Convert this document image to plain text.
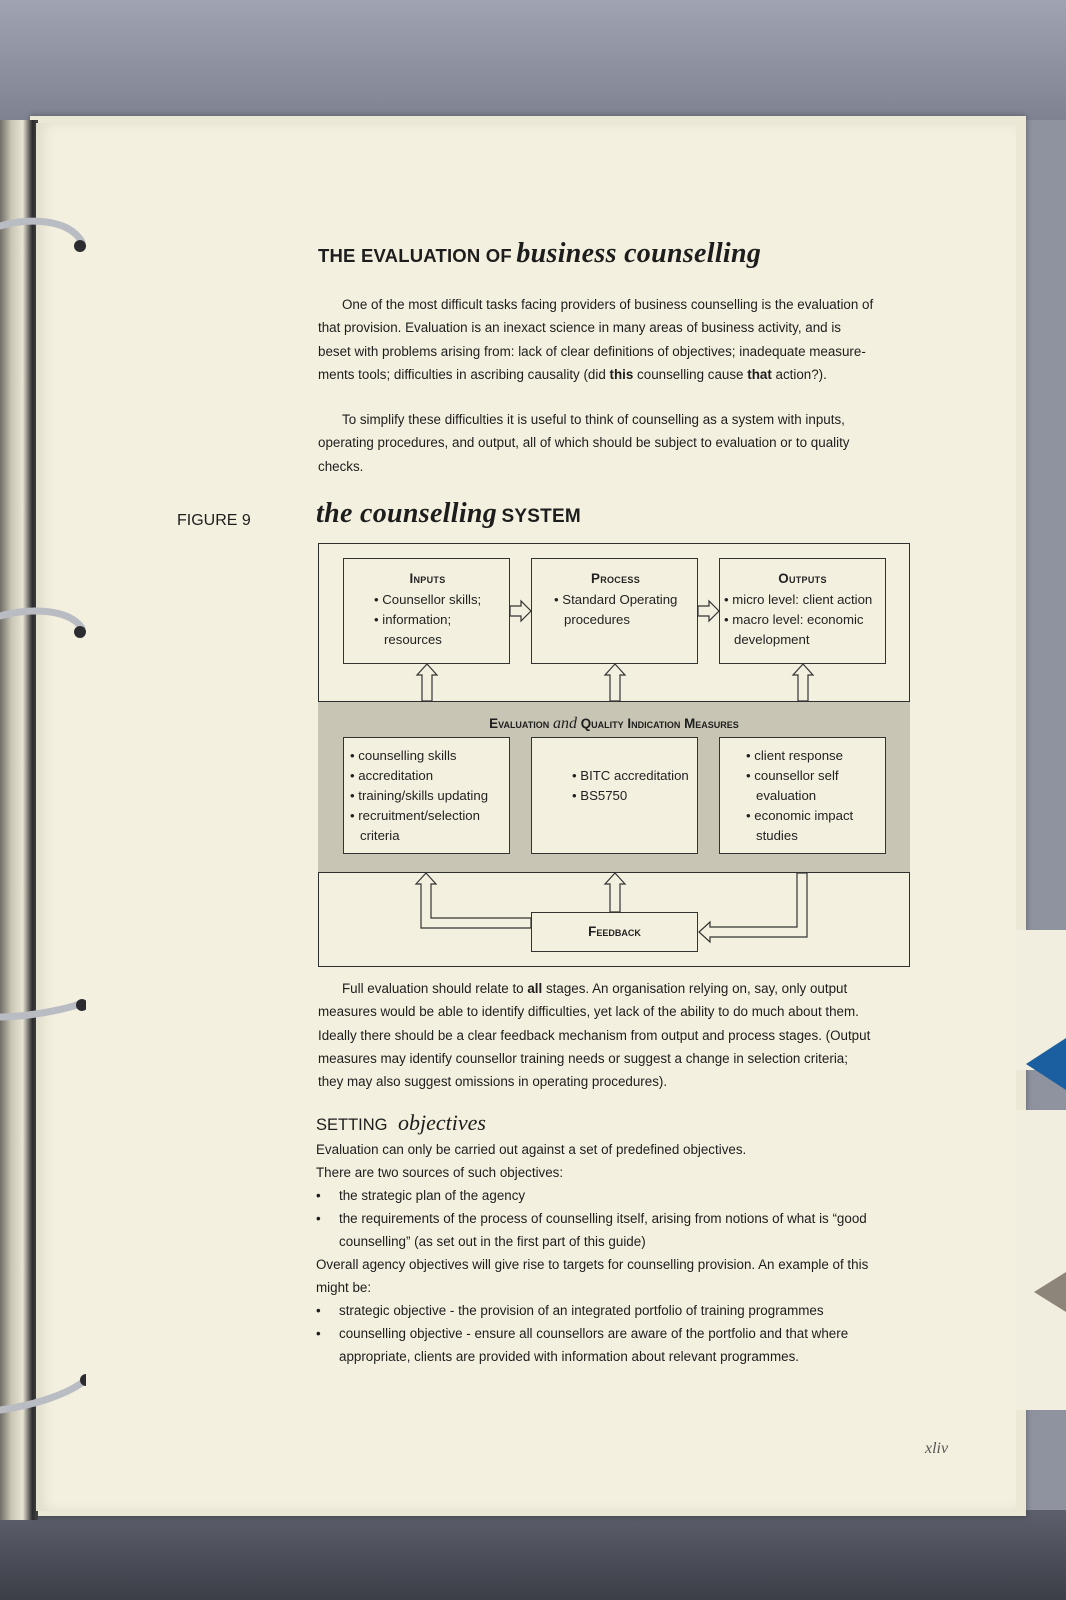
THE EVALUATION OF business counselling
One of the most difficult tasks facing providers of business counselling is the evaluation of
that provision. Evaluation is an inexact science in many areas of business activity, and is
beset with problems arising from: lack of clear definitions of objectives; inadequate measure-
ments tools; difficulties in ascribing causality (did this counselling cause that action?).
To simplify these difficulties it is useful to think of counselling as a system with inputs,
operating procedures, and output, all of which should be subject to evaluation or to quality
checks.
FIGURE 9 the counselling SYSTEM
Inputs
• Counsellor skills;
• information; resources
Process
• Standard Operating procedures
Outputs
• micro level: client action
• macro level: economic development
Evaluation and Quality Indication Measures
• counselling skills
• accreditation
• training/skills updating
• recruitment/selection criteria
• BITC accreditation
• BS5750
• client response
• counsellor self evaluation
• economic impact studies
Feedback
Full evaluation should relate to all stages. An organisation relying on, say, only output
measures would be able to identify difficulties, yet lack of the ability to do much about them.
Ideally there should be a clear feedback mechanism from output and process stages. (Output
measures may identify counsellor training needs or suggest a change in selection criteria;
they may also suggest omissions in operating procedures).
SETTING objectives
Evaluation can only be carried out against a set of predefined objectives.
There are two sources of such objectives:
• the strategic plan of the agency
• the requirements of the process of counselling itself, arising from notions of what is “good
counselling” (as set out in the first part of this guide)
Overall agency objectives will give rise to targets for counselling provision. An example of this
might be:
• strategic objective - the provision of an integrated portfolio of training programmes
• counselling objective - ensure all counsellors are aware of the portfolio and that where
appropriate, clients are provided with information about relevant programmes.
xliv
